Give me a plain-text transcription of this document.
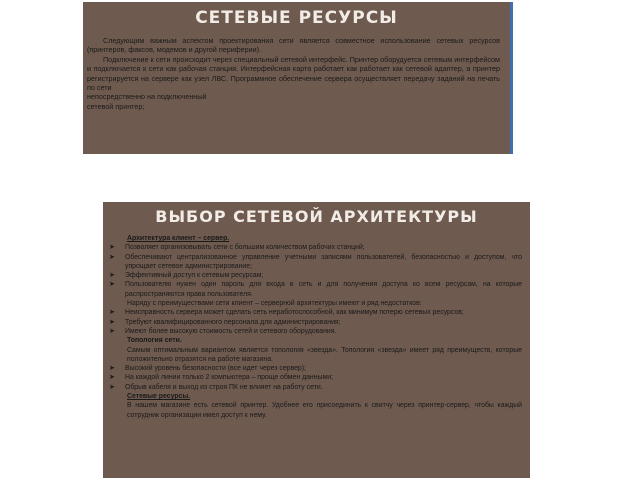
СЕТЕВЫЕ РЕСУРСЫ

Следующим важным аспектом проектирования сети является совместное использование сетевых ресурсов (принтеров, факсов, модемов и другой периферии).

Подключение к сети происходит через специальный сетевой интерфейс. Принтер оборудуется сетевым интерфейсом и подключается к сети как рабочая станция. Интерфейсная карта работает как работает как сетевой адаптер, а принтер регистрируется на сервере как узел ЛВС. Программное обеспечение сервера осуществляет передачу заданий на печать по сети

непосредственно на подключенный

сетевой принтер;

ВЫБОР СЕТЕВОЙ АРХИТЕКТУРЫ
Архитектура клиент – сервер.
➤	Позволяет организовывать сети с большим количеством рабочих станций;
➤	Обеспечивают централизованное управление учетными записями пользователей, безопасностью и доступом, что упрощает сетевое администрирование;
➤	Эффективный доступ к сетевым ресурсам;
➤	Пользователю нужен один пароль для входа в сеть и для получения доступа ко всем ресурсам, на которые распространяются права пользователя.
Наряду с преимуществами сети клиент – серверной архитектуры имеют и ряд недостатков:
➤	Неисправность сервера может сделать сеть неработоспособной, как минимум потерю сетевых ресурсов;
➤	Требуют квалифицированного персонала для администрирования;
➤	Имеют более высокую стоимость сетей и сетевого оборудования.
Топология сети.
Самым оптимальным вариантом является топология «звезда». Топология «звезда» имеет ряд преимуществ, которые положительно отразятся на работе магазина:
➤	Высокий уровень безопасности (все идет через сервер);
➤	На каждой линии только 2 компьютера – проще обмен данными;
➤	Обрыв кабеля и выход из строя ПК не влияет на работу сети.
Сетевые ресурсы.
В нашем магазине есть сетевой принтер. Удобнее его присоединить к свитчу через принтер-сервер, чтобы каждый сотрудник организации имел доступ к нему.
